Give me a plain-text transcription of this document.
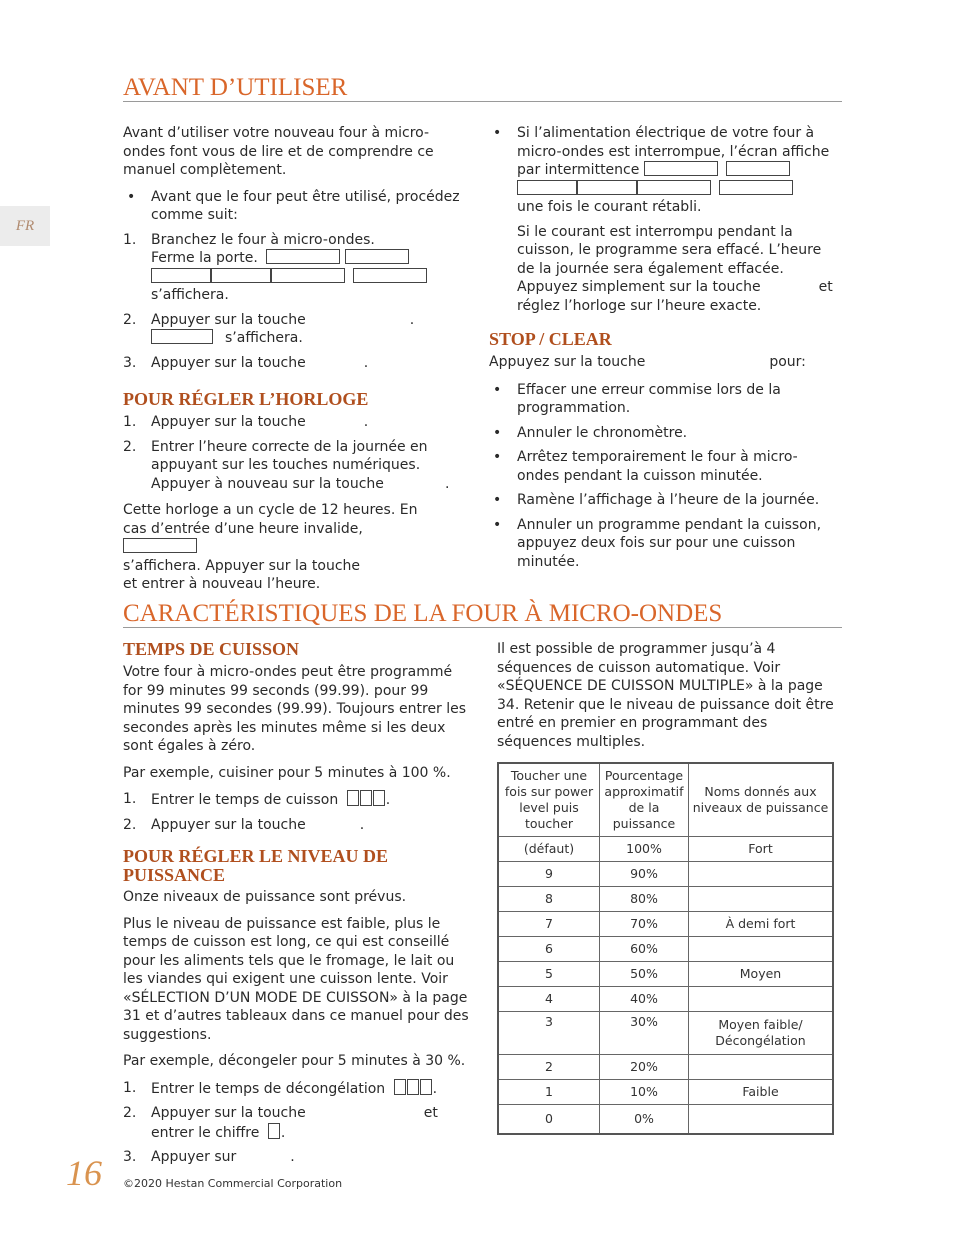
FR
AVANT D’UTILISER

Avant d’utiliser votre nouveau four à micro-ondes font vous de lire et de comprendre ce manuel complètement.

• Avant que le four peut être utilisé, procédez comme suit:
1. Branchez le four à micro-ondes.
Ferme la porte.

s’affichera.
2. Appuyer sur la touche	.
s’affichera.
3. Appuyer sur la touche	.
POUR RÉGLER L’HORLOGE
1. Appuyer sur la touche	.
2. Entrer l’heure correcte de la journée en appuyant sur les touches numériques. Appuyer à nouveau sur la touche	.
Cette horloge a un cycle de 12 heures. En cas d’entrée d’une heure invalide,
s’affichera. Appuyer sur la touche
et entrer à nouveau l’heure.
• Si l’alimentation électrique de votre four à micro-ondes est interrompue, l’écran affiche par intermittence

une fois le courant rétabli.
Si le courant est interrompu pendant la cuisson, le programme sera effacé. L’heure de la journée sera également effacée. Appuyez simplement sur la touche	et réglez l’horloge sur l’heure exacte.
STOP / CLEAR

Appuyez sur la touche	pour:

• Effacer une erreur commise lors de la programmation.
• Annuler le chronomètre.
• Arrêtez temporairement le four à micro-ondes pendant la cuisson minutée.
• Ramène l’affichage à l’heure de la journée.
• Annuler un programme pendant la cuisson, appuyez deux fois sur pour une cuisson minutée.
CARACTÉRISTIQUES DE LA FOUR À MICRO-ONDES
TEMPS DE CUISSON

Votre four à micro-ondes peut être programmé for 99 minutes 99 seconds (99.99). pour 99 minutes 99 secondes (99.99). Toujours entrer les secondes après les minutes même si les deux sont égales à zéro.

Par exemple, cuisiner pour 5 minutes à 100 %.

1. Entrer le temps de cuisson	.
2. Appuyer sur la touche	.
POUR RÉGLER LE NIVEAU DE PUISSANCE

Onze niveaux de puissance sont prévus.

Plus le niveau de puissance est faible, plus le temps de cuisson est long, ce qui est conseillé pour les aliments tels que le fromage, le lait ou les viandes qui exigent une cuisson lente. Voir «SÉLECTION D’UN MODE DE CUISSON» à la page 31 et d’autres tableaux dans ce manuel pour des suggestions.

Par exemple, décongeler pour 5 minutes à 30 %.

1. Entrer le temps de décongélation	.
2. Appuyer sur la touche	et
entrer le chiffre .
3. Appuyer sur	.
Il est possible de programmer jusqu’à 4 séquences de cuisson automatique. Voir «SÉQUENCE DE CUISSON MULTIPLE» à la page 34. Retenir que le niveau de puissance doit être entré en premier en programmant des séquences multiples.
Toucher une fois sur power level puis toucher	Pourcentage approximatif de la puissance	Noms donnés aux niveaux de puissance
(défaut)	100%	Fort
9	90%	
8	80%	
7	70%	À demi fort
6	60%	
5	50%	Moyen
4	40%	
3	30%	Moyen faible/ Décongélation
2	20%	
1	10%	Faible
0	0%	
16 ©2020 Hestan Commercial Corporation
